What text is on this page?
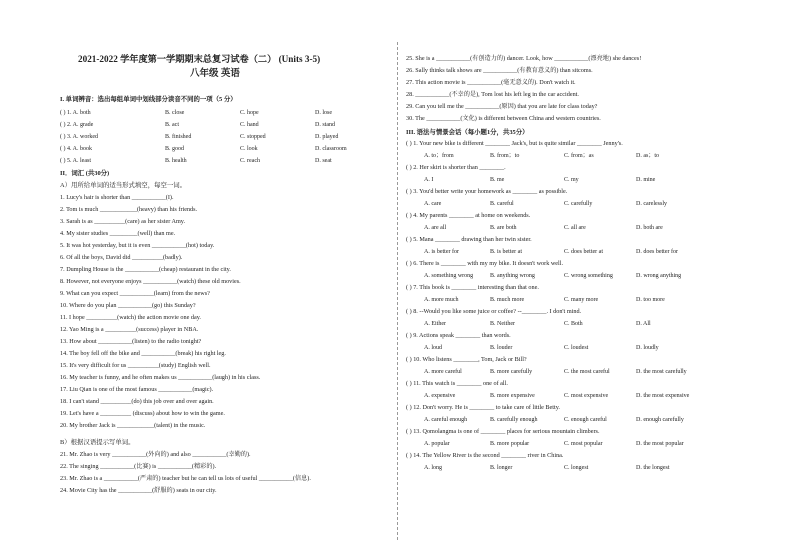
2021-2022 学年度第一学期期末总复习试卷（二） (Units 3-5)
八年级 英语
I. 单词辨音：选出每组单词中划线部分读音不同的一项（5 分）
( ) 1. A. both	B. close	C. hope	D. lose
( ) 2. A. grade	B. act	C. hand	D. stand
( ) 3. A. worked	B. finished	C. stopped	D. played
( ) 4. A. book	B. good	C. look	D. classroom
( ) 5. A. least	B. health	C. reach	D. seat
II．词汇 (共30分)
A）用所给单词的适当形式填空，每空一词。
1. Lucy's hair is shorter than ___________(I).
2. Tom is much ____________(heavy) than his friends.
3. Sarah is as __________(care) as her sister Amy.
4. My sister studies _________(well) than me.
5. It was hot yesterday, but it is even ___________(hot) today.
6. Of all the boys, David did __________(badly).
7. Dumpling House is the ___________(cheap) restaurant in the city.
8. However, not everyone enjoys ___________(watch) these old movies.
9. What can you expect ___________(learn) from the news?
10. Where do you plan ___________(go) this Sunday?
11. I hope __________(watch) the action movie one day.
12. Yao Ming is a __________(success) player in NBA.
13. How about ___________(listen) to the radio tonight?
14. The boy fell off the bike and ___________(break) his right leg.
15. It's very difficult for us __________(study) English well.
16. My teacher is funny, and he often makes us ___________(laugh) in his class.
17. Liu Qian is one of the most famous ___________(magic).
18. I can't stand __________(do) this job over and over again.
19. Let's have a __________ (discuss) about how to win the game.
20. My brother Jack is ____________(talent) in the music.
B）根据汉语提示写单词。
21. Mr. Zhao is very ___________(外向的) and also ___________(幸勤的).
22. The singing ___________(比赛) is ___________(精彩的).
23. Mr. Zhao is a ___________(严肃的) teacher but he can tell us lots of useful ___________(信息).
24. Movie City has the ___________(舒服的) seats in our city.
25. She is a ___________(有创造力的) dancer. Look, how ___________(漂亮地) she dances!
26. Sally thinks talk shows are ___________(有教育意义的) than sitcoms.
27. This action movie is ___________(毫无意义的). Don't watch it.
28. ___________(不幸的是), Tom lost his left leg in the car accident.
29. Can you tell me the ___________(原因) that you are late for class today?
30. The ___________(文化) is different between China and western countries.
III. 语法与情景会话（每小题1分，共35分）
( ) 1. Your new bike is different ________ Jack's, but is quite similar ________ Jenny's.
A. to；from	B. from；to	C. from；as	D. as；to
( ) 2. Her skirt is shorter than ________.
A. I	B. me	C. my	D. mine
( ) 3. You'd better write your homework as ________ as possible.
A. care	B. careful	C. carefully	D. carelessly
( ) 4. My parents ________ at home on weekends.
A. are all	B. are both	C. all are	D. both are
( ) 5. Mana ________ drawing than her twin sister.
A. is better for	B. is better at	C. does better at	D. does better for
( ) 6. There is ________ with my my bike. It doesn't work well.
A. something wrong	B. anything wrong	C. wrong something	D. wrong anything
( ) 7. This book is ________ interesting than that one.
A. more much	B. much more	C. many more	D. too more
( ) 8. --Would you like some juice or coffee? --________. I don't mind.
A. Either	B. Neither	C. Both	D. All
( ) 9. Actions speak ________ than words.
A. loud	B. louder	C. loudest	D. loudly
( ) 10. Who listens ________, Tom, Jack or Bill?
A. more careful	B. more carefully	C. the most careful	D. the most carefully
( ) 11. This watch is ________ one of all.
A. expensive	B. more expensive	C. most expensive	D. the most expensive
( ) 12. Don't worry. He is ________ to take care of little Betty.
A. careful enough	B. carefully enough	C. enough careful	D. enough carefully
( ) 13. Qomolangma is one of ________ places for serious mountain climbers.
A. popular	B. more popular	C. most popular	D. the most popular
( ) 14. The Yellow River is the second ________ river in China.
A. long	B. longer	C. longest	D. the longest
